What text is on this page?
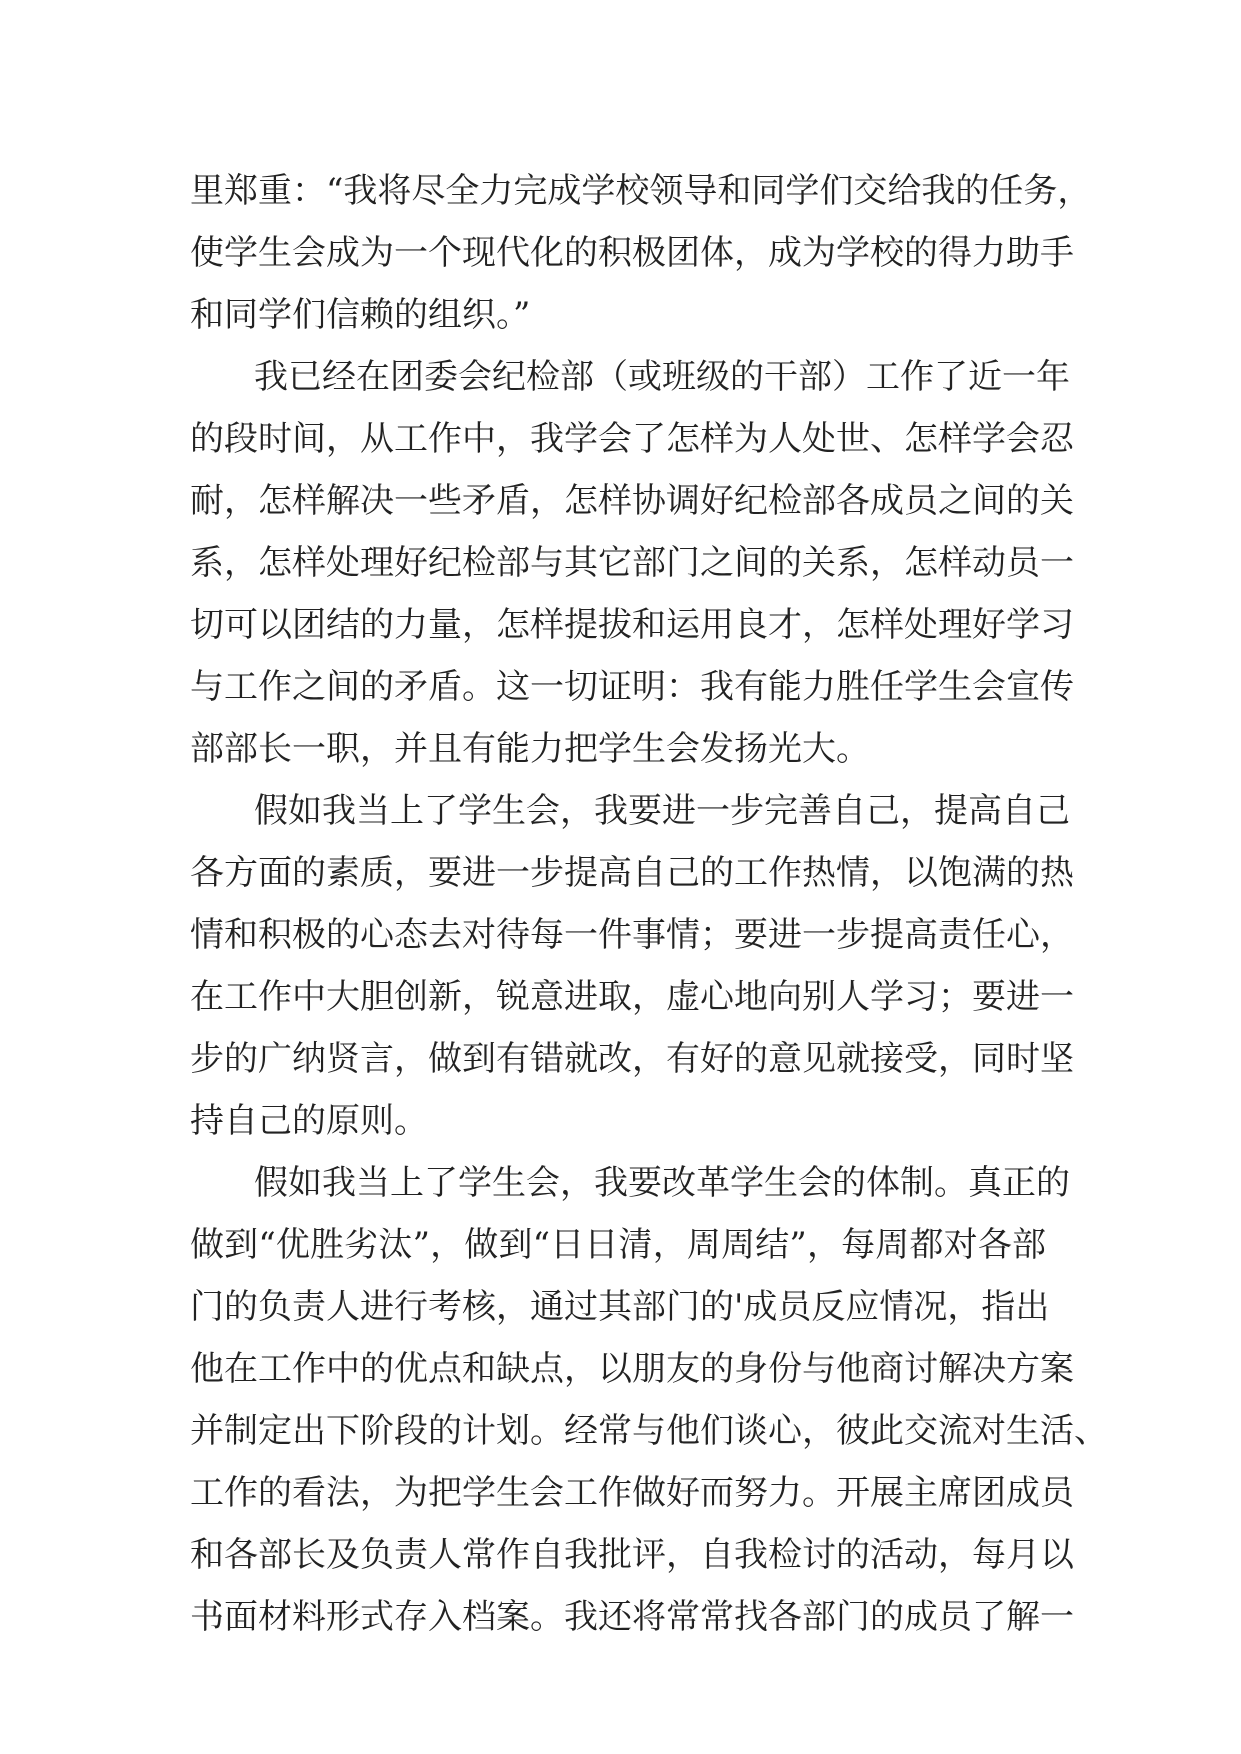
里郑重：“我将尽全力完成学校领导和同学们交给我的任务，
使学生会成为一个现代化的积极团体，成为学校的得力助手
和同学们信赖的组织。”
我已经在团委会纪检部（或班级的干部）工作了近一年
的段时间，从工作中，我学会了怎样为人处世、怎样学会忍
耐，怎样解决一些矛盾，怎样协调好纪检部各成员之间的关
系，怎样处理好纪检部与其它部门之间的关系，怎样动员一
切可以团结的力量，怎样提拔和运用良才，怎样处理好学习
与工作之间的矛盾。这一切证明：我有能力胜任学生会宣传
部部长一职，并且有能力把学生会发扬光大。
假如我当上了学生会，我要进一步完善自己，提高自己
各方面的素质，要进一步提高自己的工作热情，以饱满的热
情和积极的心态去对待每一件事情；要进一步提高责任心，
在工作中大胆创新，锐意进取，虚心地向别人学习；要进一
步的广纳贤言，做到有错就改，有好的意见就接受，同时坚
持自己的原则。
假如我当上了学生会，我要改革学生会的体制。真正的
做到“优胜劣汰”，做到“日日清，周周结”，每周都对各部
门的负责人进行考核，通过其部门的'成员反应情况，指出
他在工作中的优点和缺点，以朋友的身份与他商讨解决方案
并制定出下阶段的计划。经常与他们谈心，彼此交流对生活、
工作的看法，为把学生会工作做好而努力。开展主席团成员
和各部长及负责人常作自我批评，自我检讨的活动，每月以
书面材料形式存入档案。我还将常常找各部门的成员了解一
